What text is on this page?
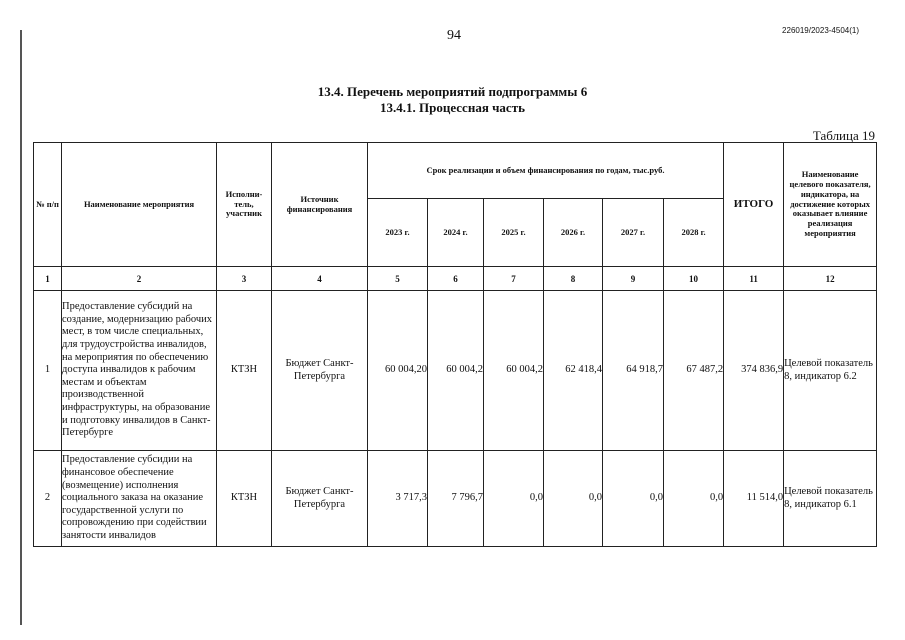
94	226019/2023-4504(1)
13.4. Перечень мероприятий подпрограммы 6
13.4.1. Процессная часть
Таблица 19
№ п/п	Наименование мероприятия	Исполни-тель, участник	Источник финансирования	Срок реализации и объем финансирования по годам, тыс.руб.						ИТОГО	Наименование целевого показателя, индикатора, на достижение которых оказывает влияние реализация мероприятия
				2023 г.	2024 г.	2025 г.	2026 г.	2027 г.	2028 г.		
1	2	3	4	5	6	7	8	9	10	11	12
1	Предоставление субсидий на создание, модернизацию рабочих мест, в том числе специальных, для трудоустройства инвалидов, на мероприятия по обеспечению доступа инвалидов к рабочим местам и объектам производственной инфраструктуры, на образование и подготовку инвалидов в Санкт-Петербурге	КТЗН	Бюджет Санкт-Петербурга	60 004,20	60 004,2	60 004,2	62 418,4	64 918,7	67 487,2	374 836,9	Целевой показатель 8, индикатор 6.2
2	Предоставление субсидии на финансовое обеспечение (возмещение) исполнения социального заказа на оказание государственной услуги по сопровождению при содействии занятости инвалидов	КТЗН	Бюджет Санкт-Петербурга	3 717,3	7 796,7	0,0	0,0	0,0	0,0	11 514,0	Целевой показатель 8, индикатор 6.1
